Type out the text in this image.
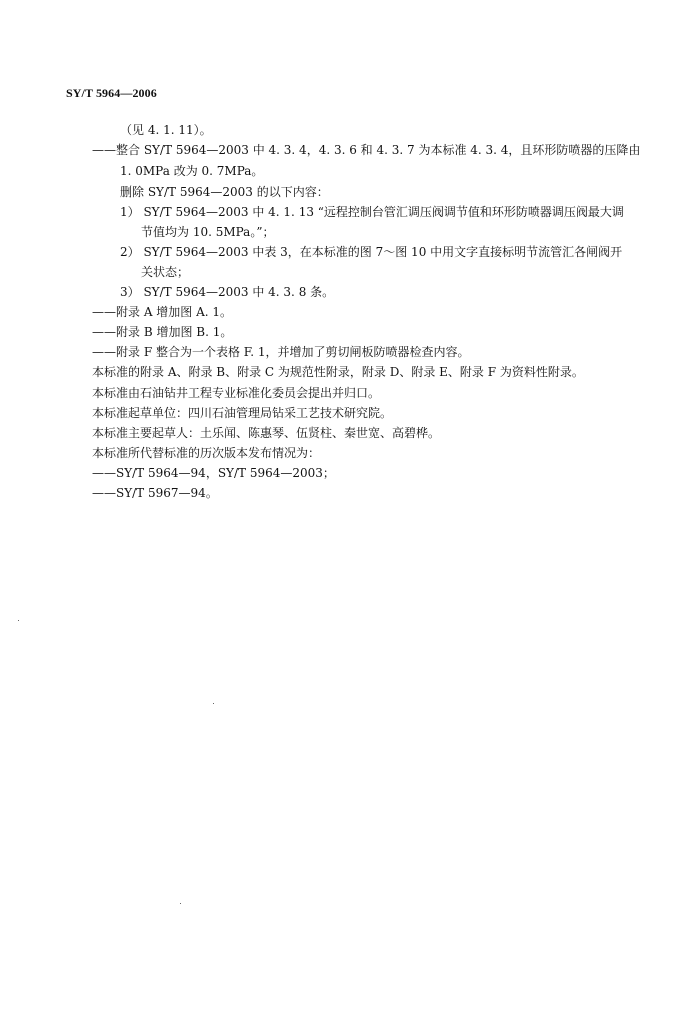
SY/T 5964—2006
（见 4. 1. 11）。
——整合 SY/T 5964—2003 中 4. 3. 4，4. 3. 6 和 4. 3. 7 为本标准 4. 3. 4，且环形防喷器的压降由
1. 0MPa 改为 0. 7MPa。
删除 SY/T 5964—2003 的以下内容：
1） SY/T 5964—2003 中 4. 1. 13 “远程控制台管汇调压阀调节值和环形防喷器调压阀最大调
节值均为 10. 5MPa。”；
2） SY/T 5964—2003 中表 3，在本标准的图 7～图 10 中用文字直接标明节流管汇各闸阀开
关状态；
3） SY/T 5964—2003 中 4. 3. 8 条。
——附录 A 增加图 A. 1。
——附录 B 增加图 B. 1。
——附录 F 整合为一个表格 F. 1，并增加了剪切闸板防喷器检查内容。
本标准的附录 A、附录 B、附录 C 为规范性附录，附录 D、附录 E、附录 F 为资料性附录。
本标准由石油钻井工程专业标准化委员会提出并归口。
本标准起草单位：四川石油管理局钻采工艺技术研究院。
本标准主要起草人：土乐闻、陈惠琴、伍贤柱、秦世宽、高碧桦。
本标准所代替标准的历次版本发布情况为：
——SY/T 5964—94，SY/T 5964—2003；
——SY/T 5967—94。
